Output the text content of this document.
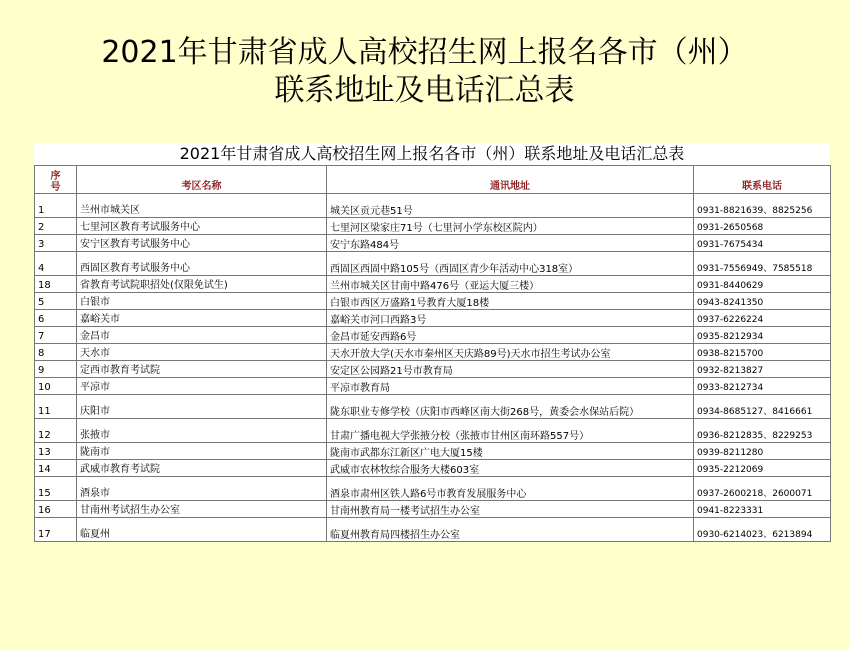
2021年甘肃省成人高校招生网上报名各市（州）
联系地址及电话汇总表
2021年甘肃省成人高校招生网上报名各市（州）联系地址及电话汇总表
序
号	考区名称	通讯地址	联系电话
1	兰州市城关区	城关区贡元巷51号	0931-8821639、8825256
2	七里河区教育考试服务中心	七里河区梁家庄71号（七里河小学东校区院内）	0931-2650568
3	安宁区教育考试服务中心	安宁东路484号	0931-7675434
4	西固区教育考试服务中心	西固区西固中路105号（西固区青少年活动中心318室）	0931-7556949、7585518
18	省教育考试院职招处(仅限免试生)	兰州市城关区甘南中路476号（亚运大厦三楼）	0931-8440629
5	白银市	白银市西区万盛路1号教育大厦18楼	0943-8241350
6	嘉峪关市	嘉峪关市河口西路3号	0937-6226224
7	金昌市	金昌市延安西路6号	0935-8212934
8	天水市	天水开放大学(天水市秦州区天庆路89号)天水市招生考试办公室	0938-8215700
9	定西市教育考试院	安定区公园路21号市教育局	0932-8213827
10	平凉市	平凉市教育局	0933-8212734
11	庆阳市	陇东职业专修学校（庆阳市西峰区南大街268号，黄委会水保站后院）	0934-8685127、8416661
12	张掖市	甘肃广播电视大学张掖分校（张掖市甘州区南环路557号）	0936-8212835、8229253
13	陇南市	陇南市武都东江新区广电大厦15楼	0939-8211280
14	武威市教育考试院	武威市农林牧综合服务大楼603室	0935-2212069
15	酒泉市	酒泉市肃州区铁人路6号市教育发展服务中心	0937-2600218、2600071
16	甘南州考试招生办公室	甘南州教育局一楼考试招生办公室	0941-8223331
17	临夏州	临夏州教育局四楼招生办公室	0930-6214023、6213894
